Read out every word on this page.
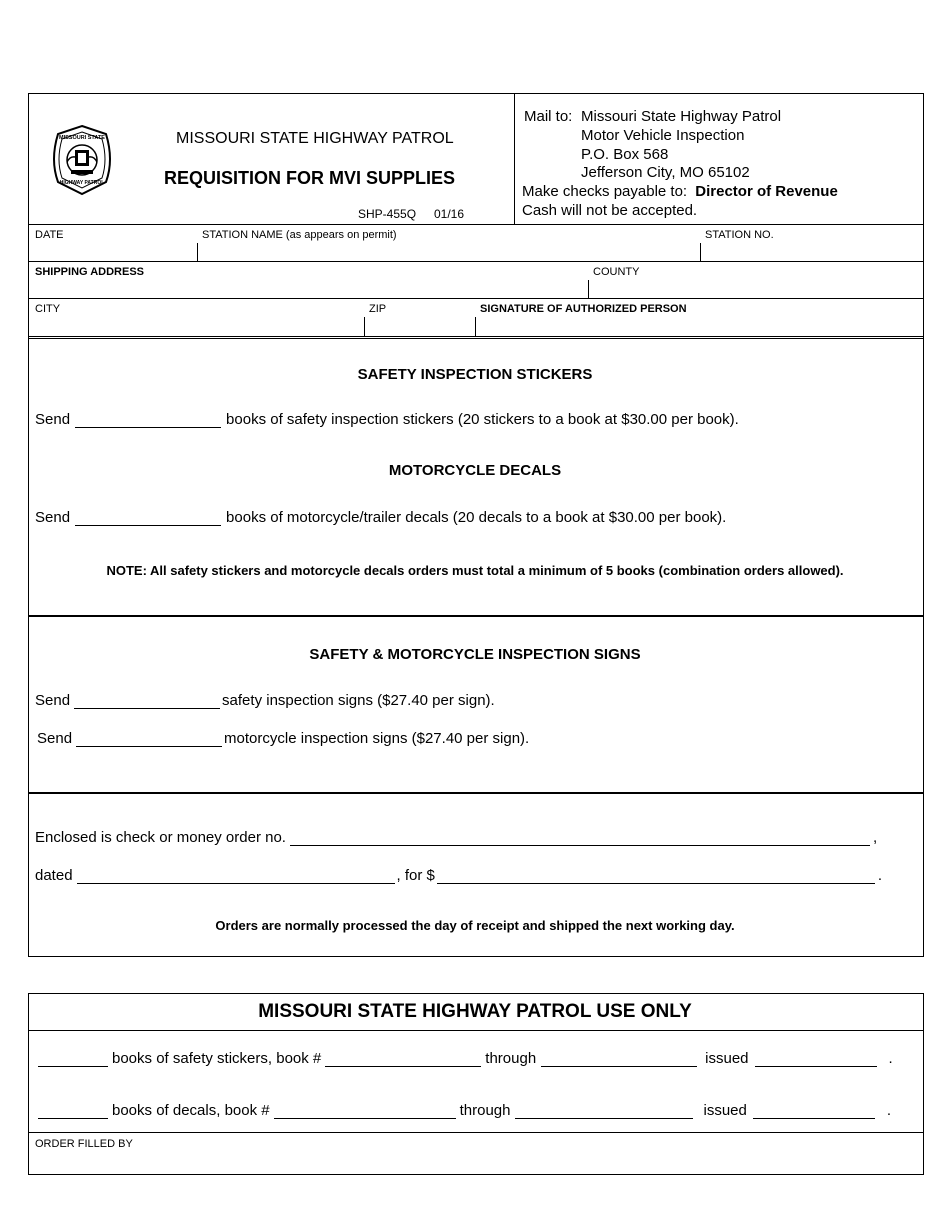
MISSOURI STATE
HIGHWAY PATROL
MISSOURI STATE HIGHWAY PATROL
REQUISITION FOR MVI SUPPLIES
SHP-455Q 01/16
Mail to: Missouri State Highway Patrol
Motor Vehicle Inspection
P.O. Box 568
Jefferson City, MO 65102
Make checks payable to: Director of Revenue
Cash will not be accepted.
DATE	STATION NAME (as appears on permit)	STATION NO.
SHIPPING ADDRESS	COUNTY
CITY	ZIP	SIGNATURE OF AUTHORIZED PERSON
SAFETY INSPECTION STICKERS
Send	books of safety inspection stickers (20 stickers to a book at $30.00 per book).
MOTORCYCLE DECALS
Send	books of motorcycle/trailer decals (20 decals to a book at $30.00 per book).
NOTE: All safety stickers and motorcycle decals orders must total a minimum of 5 books (combination orders allowed).
SAFETY & MOTORCYCLE INSPECTION SIGNS
Send	safety inspection signs ($27.40 per sign).
Send	motorcycle inspection signs ($27.40 per sign).
Enclosed is check or money order no.	,
dated	, for $	.
Orders are normally processed the day of receipt and shipped the next working day.
MISSOURI STATE HIGHWAY PATROL USE ONLY
books of safety stickers, book #	through	issued	.
books of decals, book #	through	issued	.
ORDER FILLED BY
